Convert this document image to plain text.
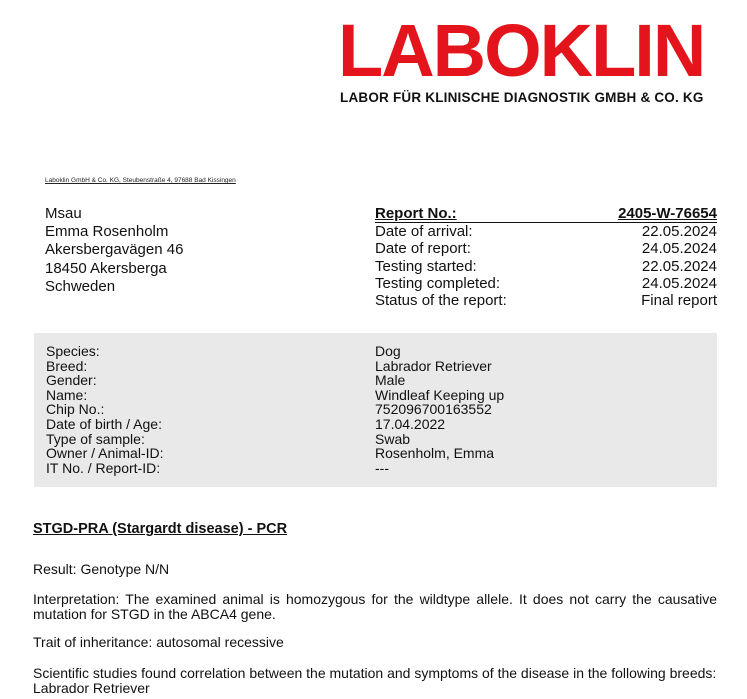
LABOKLIN
LABOR FÜR KLINISCHE DIAGNOSTIK GMBH & CO. KG
Laboklin GmbH & Co. KG, Steubenstraße 4, 97688 Bad Kissingen
Msau
Emma Rosenholm
Akersbergavägen 46
18450 Akersberga
Schweden
Report No.:	2405-W-76654
Date of arrival:	22.05.2024
Date of report:	24.05.2024
Testing started:	22.05.2024
Testing completed:	24.05.2024
Status of the report:	Final report
Species:	Dog
Breed:	Labrador Retriever
Gender:	Male
Name:	Windleaf Keeping up
Chip No.:	752096700163552
Date of birth / Age:	17.04.2022
Type of sample:	Swab
Owner / Animal-ID:	Rosenholm, Emma
IT No. / Report-ID:	---
STGD-PRA (Stargardt disease) - PCR
Result: Genotype N/N
Interpretation: The examined animal is homozygous for the wildtype allele. It does not carry the causative mutation for STGD in the ABCA4 gene.
Trait of inheritance: autosomal recessive
Scientific studies found correlation between the mutation and symptoms of the disease in the following breeds:
Labrador Retriever
